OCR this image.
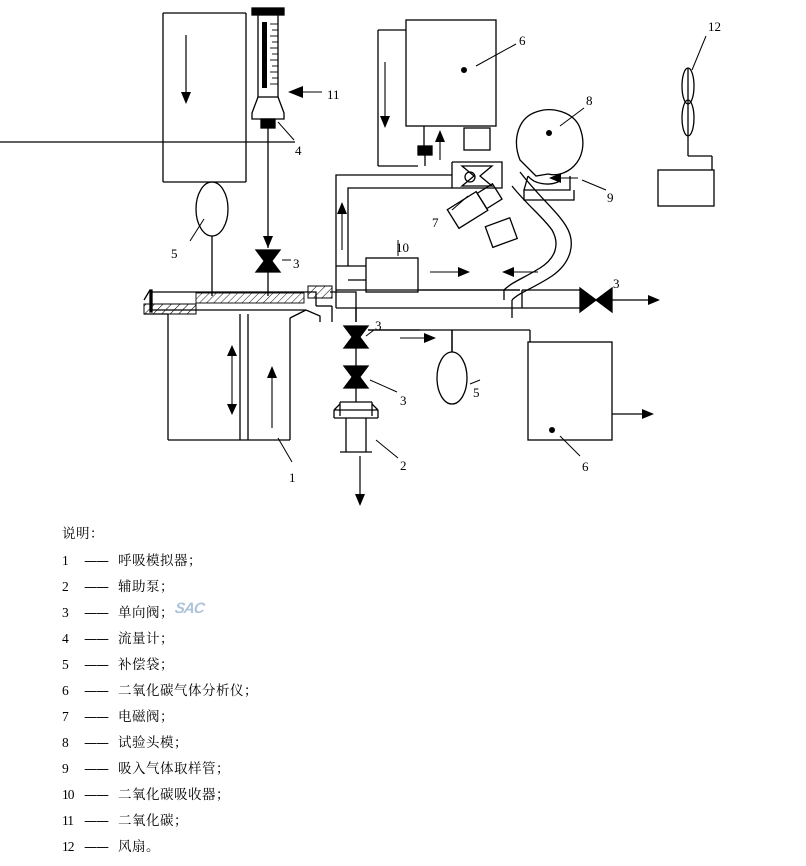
1
2
3
3
3
3
4
5
5
6
6
7
8
9
10
11
12
说明：
1	—— 呼吸模拟器；
2	—— 辅助泵；
3	—— 单向阀；
4	—— 流量计；
5	—— 补偿袋；
6	—— 二氧化碳气体分析仪；
7	—— 电磁阀；
8	—— 试验头模；
9	—— 吸入气体取样管；
10 —— 二氧化碳吸收器；
11 —— 二氧化碳；
12 —— 风扇。
SAC
